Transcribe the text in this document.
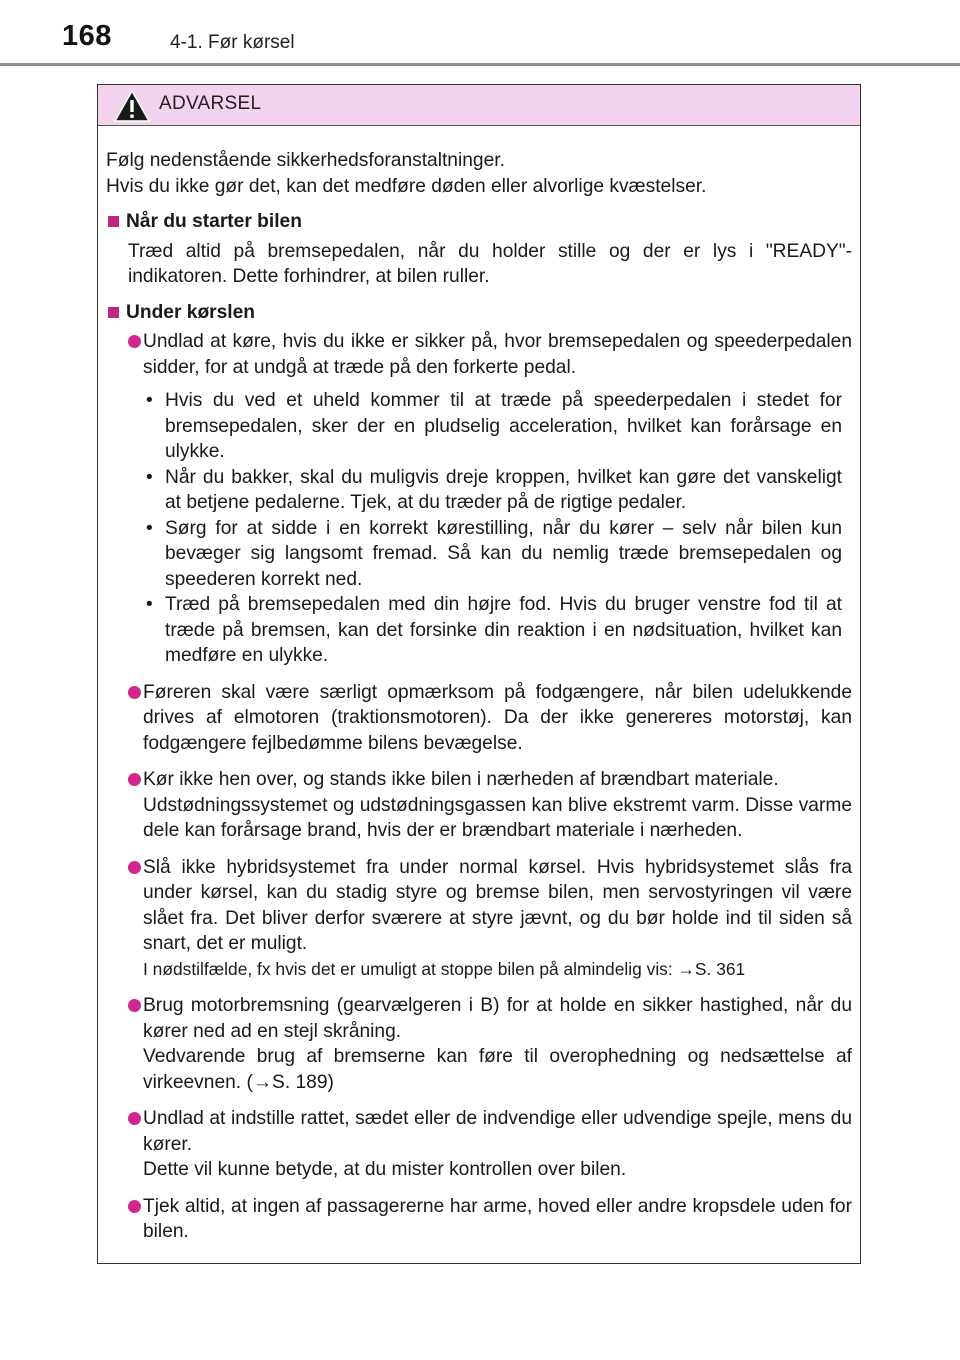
168	4-1. Før kørsel
ADVARSEL

Følg nedenstående sikkerhedsforanstaltninger.

Hvis du ikke gør det, kan det medføre døden eller alvorlige kvæstelser.

Når du starter bilen
Træd altid på bremsepedalen, når du holder stille og der er lys i "READY"-indikatoren. Dette forhindrer, at bilen ruller.
Under kørslen

Undlad at køre, hvis du ikke er sikker på, hvor bremsepedalen og speederpedalen sidder, for at undgå at træde på den forkerte pedal.

• Hvis du ved et uheld kommer til at træde på speederpedalen i stedet for bremsepedalen, sker der en pludselig acceleration, hvilket kan forårsage en ulykke.
• Når du bakker, skal du muligvis dreje kroppen, hvilket kan gøre det vanskeligt at betjene pedalerne. Tjek, at du træder på de rigtige pedaler.
• Sørg for at sidde i en korrekt kørestilling, når du kører – selv når bilen kun bevæger sig langsomt fremad. Så kan du nemlig træde bremsepedalen og speederen korrekt ned.
• Træd på bremsepedalen med din højre fod. Hvis du bruger venstre fod til at træde på bremsen, kan det forsinke din reaktion i en nødsituation, hvilket kan medføre en ulykke.

Føreren skal være særligt opmærksom på fodgængere, når bilen udelukkende drives af elmotoren (traktionsmotoren). Da der ikke genereres motorstøj, kan fodgængere fejlbedømme bilens bevægelse.

Kør ikke hen over, og stands ikke bilen i nærheden af brændbart materiale.

Udstødningssystemet og udstødningsgassen kan blive ekstremt varm. Disse varme dele kan forårsage brand, hvis der er brændbart materiale i nærheden.

Slå ikke hybridsystemet fra under normal kørsel. Hvis hybridsystemet slås fra under kørsel, kan du stadig styre og bremse bilen, men servostyringen vil være slået fra. Det bliver derfor sværere at styre jævnt, og du bør holde ind til siden så snart, det er muligt.

I nødstilfælde, fx hvis det er umuligt at stoppe bilen på almindelig vis: →S. 361

Brug motorbremsning (gearvælgeren i B) for at holde en sikker hastighed, når du kører ned ad en stejl skråning.

Vedvarende brug af bremserne kan føre til overophedning og nedsættelse af virkeevnen. (→S. 189)

Undlad at indstille rattet, sædet eller de indvendige eller udvendige spejle, mens du kører.

Dette vil kunne betyde, at du mister kontrollen over bilen.

Tjek altid, at ingen af passagererne har arme, hoved eller andre kropsdele uden for bilen.
